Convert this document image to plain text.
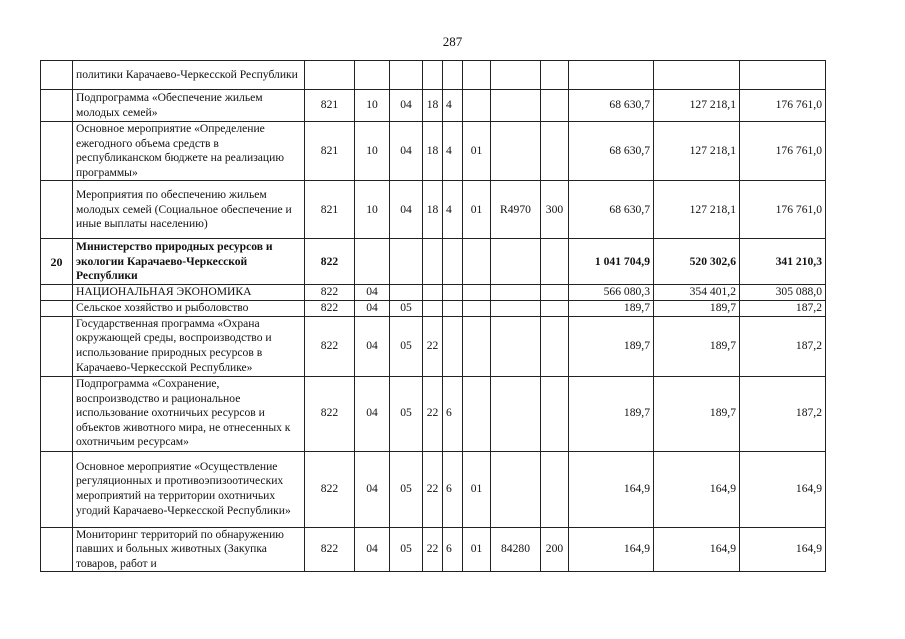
287
	политики Карачаево-Черкесской Республики											
	Подпрограмма «Обеспечение жильем молодых семей»	821	10	04	18	4				68 630,7	127 218,1	176 761,0
	Основное мероприятие «Определение ежегодного объема средств в республиканском бюджете на реализацию программы»	821	10	04	18	4	01			68 630,7	127 218,1	176 761,0
	Мероприятия по обеспечению жильем молодых семей (Социальное обеспечение и иные выплаты населению)	821	10	04	18	4	01	R4970	300	68 630,7	127 218,1	176 761,0
20	Министерство природных ресурсов и экологии Карачаево-Черкесской Республики	822								1 041 704,9	520 302,6	341 210,3
	НАЦИОНАЛЬНАЯ ЭКОНОМИКА	822	04							566 080,3	354 401,2	305 088,0
	Сельское хозяйство и рыболовство	822	04	05						189,7	189,7	187,2
	Государственная программа «Охрана окружающей среды, воспроизводство и использование природных ресурсов в Карачаево-Черкесской Республике»	822	04	05	22					189,7	189,7	187,2
	Подпрограмма «Сохранение, воспроизводство и рациональное использование охотничьих ресурсов и объектов животного мира, не отнесенных к охотничьим ресурсам»	822	04	05	22	6				189,7	189,7	187,2
	Основное мероприятие «Осуществление регуляционных и противоэпизоотических мероприятий на территории охотничьих угодий Карачаево-Черкесской Республики»	822	04	05	22	6	01			164,9	164,9	164,9
	Мониторинг территорий по обнаружению павших и больных животных (Закупка товаров, работ и	822	04	05	22	6	01	84280	200	164,9	164,9	164,9
